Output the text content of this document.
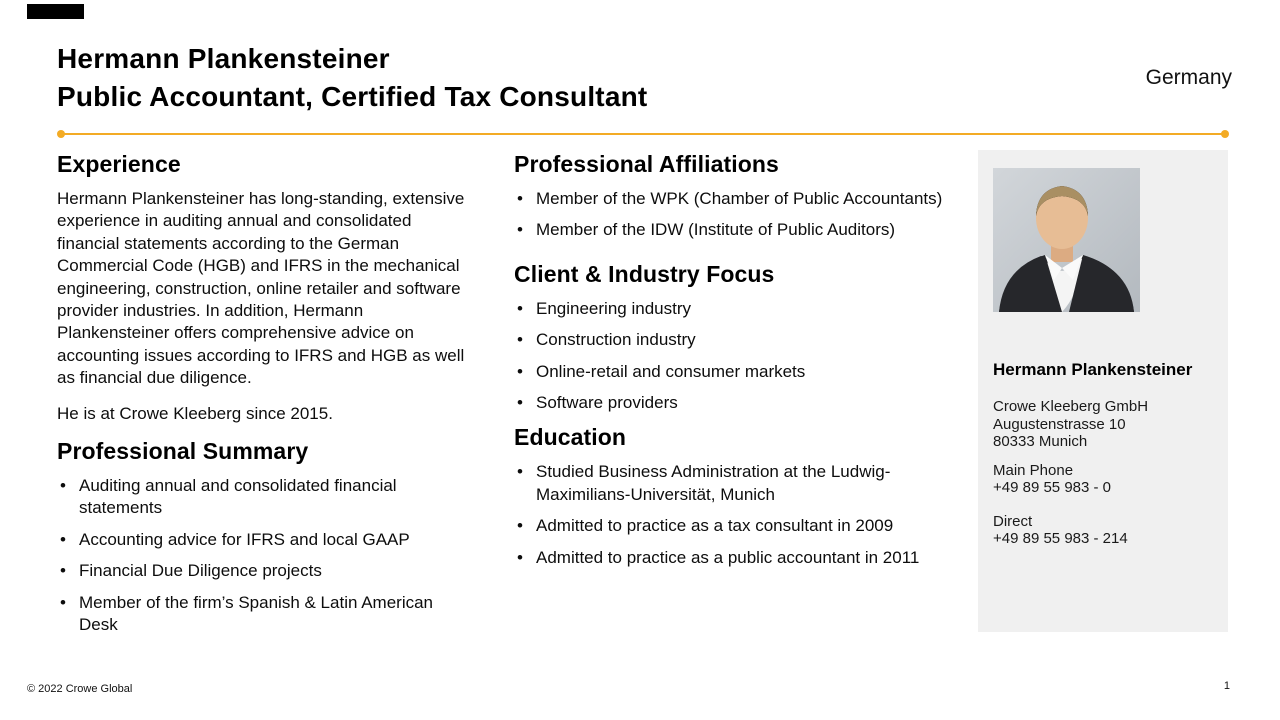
Hermann Plankensteiner
Public Accountant, Certified Tax Consultant
Germany
Experience

Hermann Plankensteiner has long-standing, extensive experience in auditing annual and consolidated financial statements according to the German Commercial Code (HGB) and IFRS in the mechanical engineering, construction, online retailer and software provider industries. In addition, Hermann Plankensteiner offers comprehensive advice on accounting issues according to IFRS and HGB as well as financial due diligence.

He is at Crowe Kleeberg since 2015.

Professional Summary
• Auditing annual and consolidated financial statements
• Accounting advice for IFRS and local GAAP
• Financial Due Diligence projects
• Member of the firm’s Spanish & Latin American Desk
Professional Affiliations
• Member of the WPK (Chamber of Public Accountants)
• Member of the IDW (Institute of Public Auditors)
Client & Industry Focus
• Engineering industry
• Construction industry
• Online-retail and consumer markets
• Software providers
Education
• Studied Business Administration at the Ludwig-Maximilians-Universität, Munich
• Admitted to practice as a tax consultant in 2009
• Admitted to practice as a public accountant in 2011
Hermann Plankensteiner
Crowe Kleeberg GmbH
Augustenstrasse 10
80333 Munich
Main Phone
+49 89 55 983 - 0
Direct
+49 89 55 983 - 214
© 2022 Crowe Global	1
